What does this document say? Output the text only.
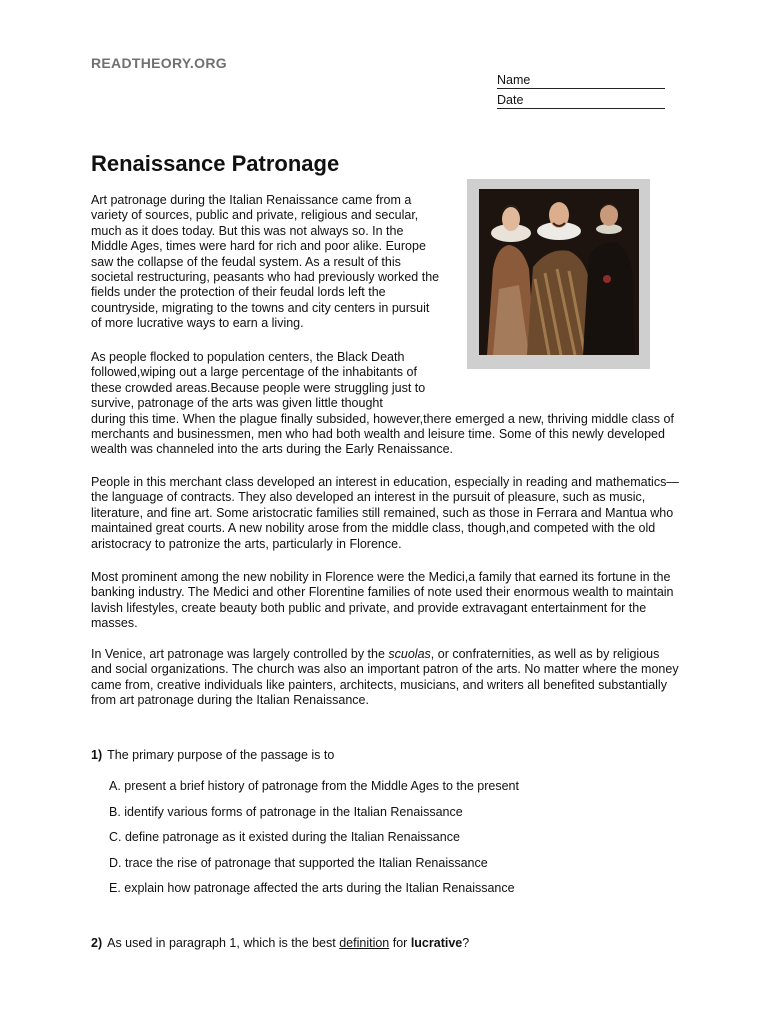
READTHEORY.ORG
Name
Date
Renaissance Patronage

Art patronage during the Italian Renaissance came from a variety of sources, public and private, religious and secular, much as it does today. But this was not always so. In the Middle Ages, times were hard for rich and poor alike. Europe saw the collapse of the feudal system. As a result of this societal restructuring, peasants who had previously worked the fields under the protection of their feudal lords left the countryside, migrating to the towns and city centers in pursuit of more lucrative ways to earn a living.

As people flocked to population centers, the Black Death followed,wiping out a large percentage of the inhabitants of these crowded areas.Because people were struggling just to survive, patronage of the arts was given little thought
during this time. When the plague finally subsided, however,there emerged a new, thriving middle class of merchants and businessmen, men who had both wealth and leisure time. Some of this newly developed wealth was channeled into the arts during the Early Renaissance.

People in this merchant class developed an interest in education, especially in reading and mathematics—the language of contracts. They also developed an interest in the pursuit of pleasure, such as music, literature, and fine art. Some aristocratic families still remained, such as those in Ferrara and Mantua who maintained great courts. A new nobility arose from the middle class, though,and competed with the old aristocracy to patronize the arts, particularly in Florence.

Most prominent among the new nobility in Florence were the Medici,a family that earned its fortune in the banking industry. The Medici and other Florentine families of note used their enormous wealth to maintain lavish lifestyles, create beauty both public and private, and provide extravagant entertainment for the masses.

In Venice, art patronage was largely controlled by the scuolas, or confraternities, as well as by religious and social organizations. The church was also an important patron of the arts. No matter where the money came from, creative individuals like painters, architects, musicians, and writers all benefited substantially from art patronage during the Italian Renaissance.

1) The primary purpose of the passage is to
A. present a brief history of patronage from the Middle Ages to the present
B. identify various forms of patronage in the Italian Renaissance
C. define patronage as it existed during the Italian Renaissance
D. trace the rise of patronage that supported the Italian Renaissance
E. explain how patronage affected the arts during the Italian Renaissance
2) As used in paragraph 1, which is the best definition for lucrative?
